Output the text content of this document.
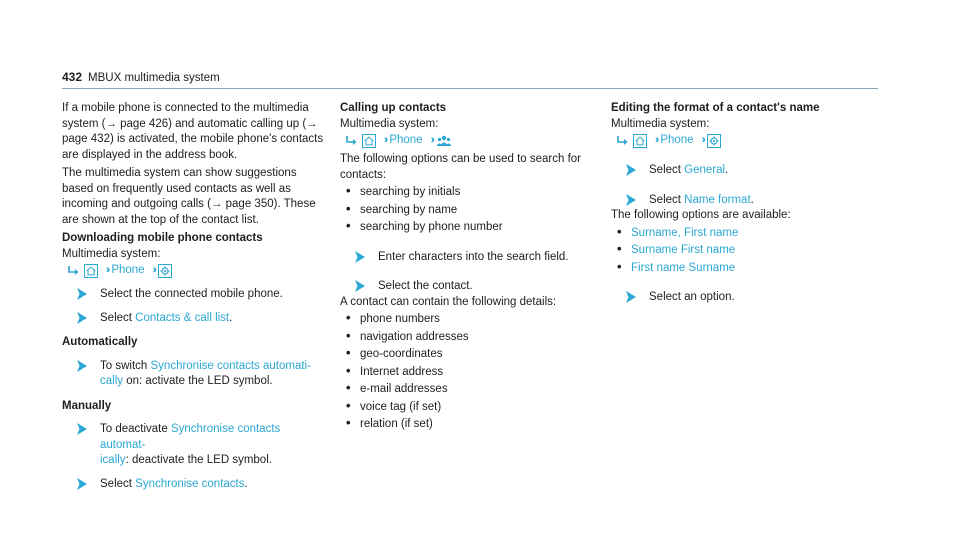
432 MBUX multimedia system

If a mobile phone is connected to the multimedia system (→ page 426) and automatic calling up (→ page 432) is activated, the mobile phone's contacts are displayed in the address book.

The multimedia system can show suggestions based on frequently used contacts as well as incoming and outgoing calls (→ page 350). These are shown at the top of the contact list.

Downloading mobile phone contacts

Multimedia system:

›› Phone ››
Select the connected mobile phone.
Select Contacts & call list.

Automatically

To switch Synchronise contacts automati-
cally on: activate the LED symbol.

Manually

To deactivate Synchronise contacts automat-
ically: deactivate the LED symbol.
Select Synchronise contacts.

Calling up contacts

Multimedia system:

›› Phone ››

The following options can be used to search for contacts:

• searching by initials
• searching by name
• searching by phone number
Enter characters into the search field.
Select the contact.

A contact can contain the following details:

• phone numbers
• navigation addresses
• geo-coordinates
• Internet address
• e-mail addresses
• voice tag (if set)
• relation (if set)

Editing the format of a contact's name

Multimedia system:

›› Phone ››
Select General.
Select Name format.

The following options are available:

• Surname, First name
• Surname First name
• First name Surname
Select an option.
